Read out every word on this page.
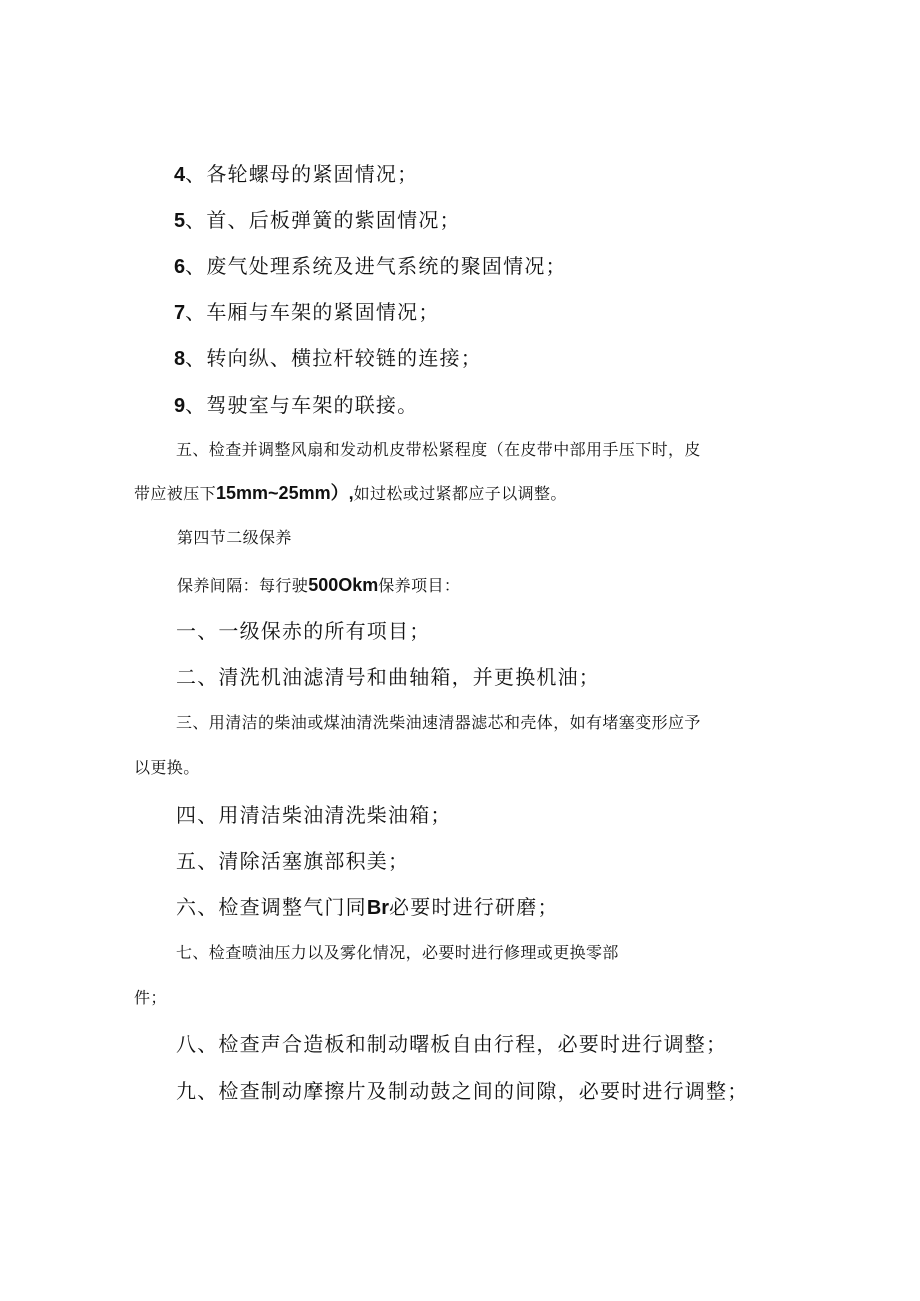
4、各轮螺母的紧固情况；
5、首、后板弹簧的紫固情况；
6、废气处理系统及进气系统的聚固情况；
7、车厢与车架的紧固情况；
8、转向纵、横拉杆较链的连接；
9、驾驶室与车架的联接。
五、检查并调整风扇和发动机皮带松紧程度（在皮带中部用手压下时，皮
带应被压下15mm~25mm）,如过松或过紧都应子以调整。
第四节二级保养
保养间隔：每行驶500Okm保养项目：
一、一级保赤的所有项目；
二、清洗机油滤清号和曲轴箱，并更换机油；
三、用清洁的柴油或煤油清洗柴油速清器滤芯和壳体，如有堵塞变形应予
以更换。
四、用清洁柴油清洗柴油箱；
五、清除活塞旗部积美；
六、检查调整气门同Br必要时进行研磨；
七、检查喷油压力以及雾化情况，必要时进行修理或更换零部
件；
八、检查声合造板和制动曙板自由行程，必要时进行调整；
九、检查制动摩擦片及制动鼓之间的间隙，必要时进行调整；
